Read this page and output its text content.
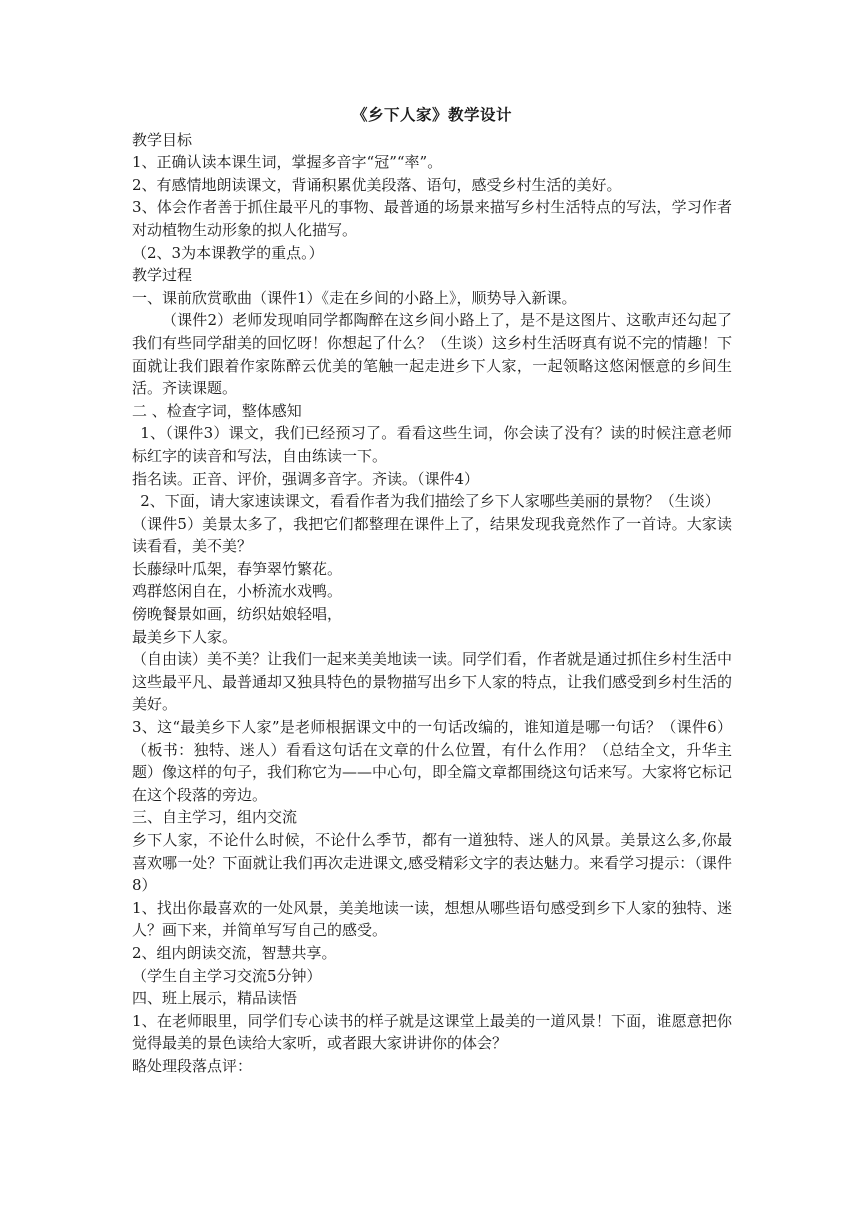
《乡下人家》教学设计

教学目标

1、正确认读本课生词，掌握多音字“冠”“率”。

2、有感情地朗读课文，背诵积累优美段落、语句，感受乡村生活的美好。

3、体会作者善于抓住最平凡的事物、最普通的场景来描写乡村生活特点的写法，学习作者对动植物生动形象的拟人化描写。

（2、3为本课教学的重点。）

教学过程

一、课前欣赏歌曲（课件1）《走在乡间的小路上》，顺势导入新课。

（课件2）老师发现咱同学都陶醉在这乡间小路上了，是不是这图片、这歌声还勾起了我们有些同学甜美的回忆呀！你想起了什么？（生谈）这乡村生活呀真有说不完的情趣！下面就让我们跟着作家陈醉云优美的笔触一起走进乡下人家，一起领略这悠闲惬意的乡间生活。齐读课题。

二 、检查字词，整体感知

1、（课件3）课文，我们已经预习了。看看这些生词，你会读了没有？读的时候注意老师标红字的读音和写法，自由练读一下。

指名读。正音、评价，强调多音字。齐读。（课件4）

2、下面，请大家速读课文，看看作者为我们描绘了乡下人家哪些美丽的景物？（生谈）

（课件5）美景太多了，我把它们都整理在课件上了，结果发现我竟然作了一首诗。大家读读看看，美不美？

长藤绿叶瓜架，春笋翠竹繁花。

鸡群悠闲自在，小桥流水戏鸭。

傍晚餐景如画，纺织姑娘轻唱，

最美乡下人家。

（自由读）美不美？让我们一起来美美地读一读。同学们看，作者就是通过抓住乡村生活中这些最平凡、最普通却又独具特色的景物描写出乡下人家的特点，让我们感受到乡村生活的美好。

3、这“最美乡下人家”是老师根据课文中的一句话改编的，谁知道是哪一句话？（课件6）（板书：独特、迷人）看看这句话在文章的什么位置，有什么作用？（总结全文，升华主题）像这样的句子，我们称它为——中心句，即全篇文章都围绕这句话来写。大家将它标记在这个段落的旁边。

三、自主学习，组内交流

乡下人家，不论什么时候，不论什么季节，都有一道独特、迷人的风景。美景这么多,你最喜欢哪一处？下面就让我们再次走进课文,感受精彩文字的表达魅力。来看学习提示：（课件8）

1、找出你最喜欢的一处风景，美美地读一读，想想从哪些语句感受到乡下人家的独特、迷人？画下来，并简单写写自己的感受。

2、组内朗读交流，智慧共享。

（学生自主学习交流5分钟）

四、班上展示，精品读悟

1、在老师眼里，同学们专心读书的样子就是这课堂上最美的一道风景！下面，谁愿意把你觉得最美的景色读给大家听，或者跟大家讲讲你的体会？

略处理段落点评：
